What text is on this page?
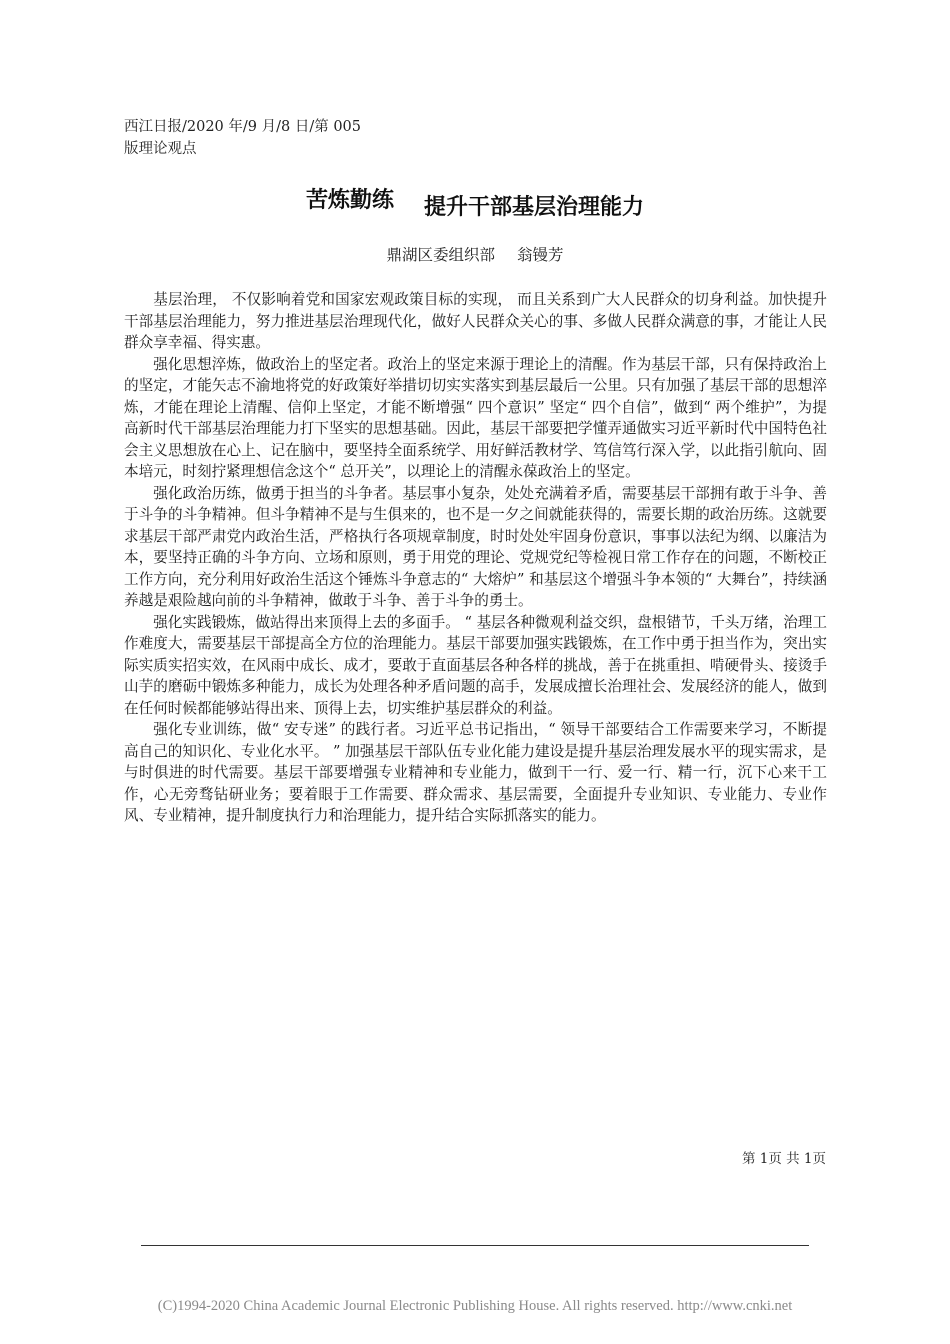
西江日报/2020 年/9 月/8 日/第 005
版理论观点
苦炼勤练 提升干部基层治理能力
鼎湖区委组织部 翁镘芳

基层治理， 不仅影响着党和国家宏观政策目标的实现， 而且关系到广大人民群众的切身利益。加快提升干部基层治理能力，努力推进基层治理现代化，做好人民群众关心的事、多做人民群众满意的事，才能让人民群众享幸福、得实惠。

强化思想淬炼，做政治上的坚定者。政治上的坚定来源于理论上的清醒。作为基层干部，只有保持政治上的坚定，才能矢志不渝地将党的好政策好举措切切实实落实到基层最后一公里。只有加强了基层干部的思想淬炼，才能在理论上清醒、信仰上坚定，才能不断增强“ 四个意识” 坚定“ 四个自信”，做到“ 两个维护”，为提高新时代干部基层治理能力打下坚实的思想基础。因此，基层干部要把学懂弄通做实习近平新时代中国特色社会主义思想放在心上、记在脑中，要坚持全面系统学、用好鲜活教材学、笃信笃行深入学，以此指引航向、固本培元，时刻拧紧理想信念这个“ 总开关”，以理论上的清醒永葆政治上的坚定。

强化政治历练，做勇于担当的斗争者。基层事小复杂，处处充满着矛盾，需要基层干部拥有敢于斗争、善于斗争的斗争精神。但斗争精神不是与生俱来的，也不是一夕之间就能获得的，需要长期的政治历练。这就要求基层干部严肃党内政治生活，严格执行各项规章制度，时时处处牢固身份意识，事事以法纪为纲、以廉洁为本，要坚持正确的斗争方向、立场和原则，勇于用党的理论、党规党纪等检视日常工作存在的问题，不断校正工作方向，充分利用好政治生活这个锤炼斗争意志的“ 大熔炉” 和基层这个增强斗争本领的“ 大舞台”，持续涵养越是艰险越向前的斗争精神，做敢于斗争、善于斗争的勇士。

强化实践锻炼，做站得出来顶得上去的多面手。 “ 基层各种微观利益交织，盘根错节，千头万绪，治理工作难度大，需要基层干部提高全方位的治理能力。基层干部要加强实践锻炼，在工作中勇于担当作为，突出实际实质实招实效，在风雨中成长、成才，要敢于直面基层各种各样的挑战，善于在挑重担、啃硬骨头、接烫手山芋的磨砺中锻炼多种能力，成长为处理各种矛盾问题的高手，发展成擅长治理社会、发展经济的能人，做到在任何时候都能够站得出来、顶得上去，切实维护基层群众的利益。

强化专业训练，做“ 安专迷” 的践行者。习近平总书记指出，“ 领导干部要结合工作需要来学习，不断提高自己的知识化、专业化水平。 ” 加强基层干部队伍专业化能力建设是提升基层治理发展水平的现实需求，是与时俱进的时代需要。基层干部要增强专业精神和专业能力，做到干一行、爱一行、精一行，沉下心来干工作，心无旁骛钻研业务；要着眼于工作需要、群众需求、基层需要，全面提升专业知识、专业能力、专业作风、专业精神，提升制度执行力和治理能力，提升结合实际抓落实的能力。

第 1页 共 1页
(C)1994-2020 China Academic Journal Electronic Publishing House. All rights reserved. http://www.cnki.net
